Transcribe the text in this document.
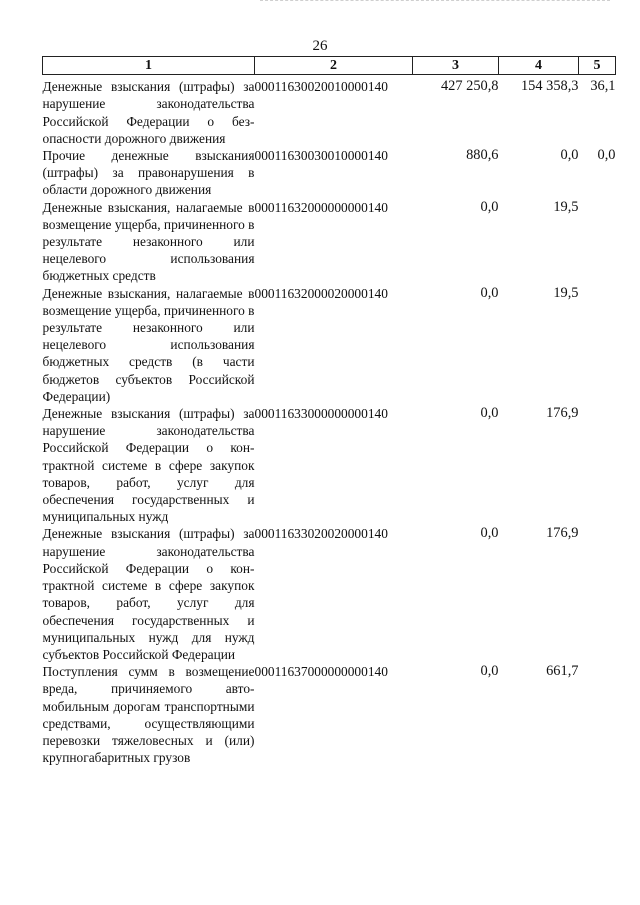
26
1	2	3	4	5
Денежные взыскания (штрафы) за нарушение законодательства Российской Федерации о безопасности дорожного движения	00011630020010000140	427 250,8	154 358,3	36,1
Прочие денежные взыскания (штрафы) за правонарушения в области дорожного движения	00011630030010000140	880,6	0,0	0,0
Денежные взыскания, налагаемые в возмещение ущерба, причиненного в результате незаконного или нецелевого использования бюджетных средств	00011632000000000140	0,0	19,5	
Денежные взыскания, налагаемые в возмещение ущерба, причиненного в результате незаконного или нецелевого использования бюджетных средств (в части бюджетов субъектов Российской Федерации)	00011632000020000140	0,0	19,5	
Денежные взыскания (штрафы) за нарушение законодательства Российской Федерации о контрактной системе в сфере закупок товаров, работ, услуг для обеспечения государственных и муниципальных нужд	00011633000000000140	0,0	176,9	
Денежные взыскания (штрафы) за нарушение законодательства Российской Федерации о контрактной системе в сфере закупок товаров, работ, услуг для обеспечения государственных и муниципальных нужд для нужд субъектов Российской Федерации	00011633020020000140	0,0	176,9	
Поступления сумм в возмещение вреда, причиняемого автомобильным дорогам транспортными средствами, осуществляющими перевозки тяжеловесных и (или) крупногабаритных грузов	00011637000000000140	0,0	661,7	
